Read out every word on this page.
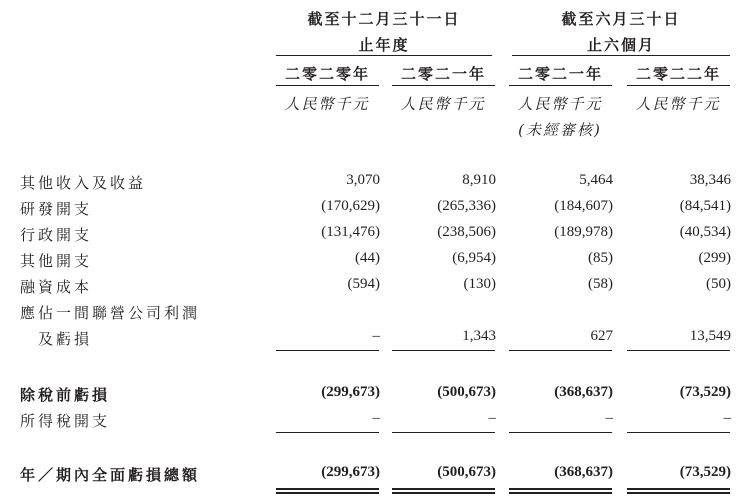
截至十二月三十一日
止年度
截至六月三十日
止六個月
二零二零年	二零二一年	二零二一年	二零二二年
人民幣千元	人民幣千元	人民幣千元	人民幣千元
(未經審核)
其他收入及收益	3,070	8,910	5,464	38,346
研發開支	(170,629)	(265,336)	(184,607)	(84,541)
行政開支	(131,476)	(238,506)	(189,978)	(40,534)
其他開支	(44)	(6,954)	(85)	(299)
融資成本	(594)	(130)	(58)	(50)
應佔一間聯營公司利潤
及虧損	–	1,343	627	13,549
除稅前虧損	(299,673)	(500,673)	(368,637)	(73,529)
所得稅開支	–	–	–	–
年／期內全面虧損總額	(299,673)	(500,673)	(368,637)	(73,529)
